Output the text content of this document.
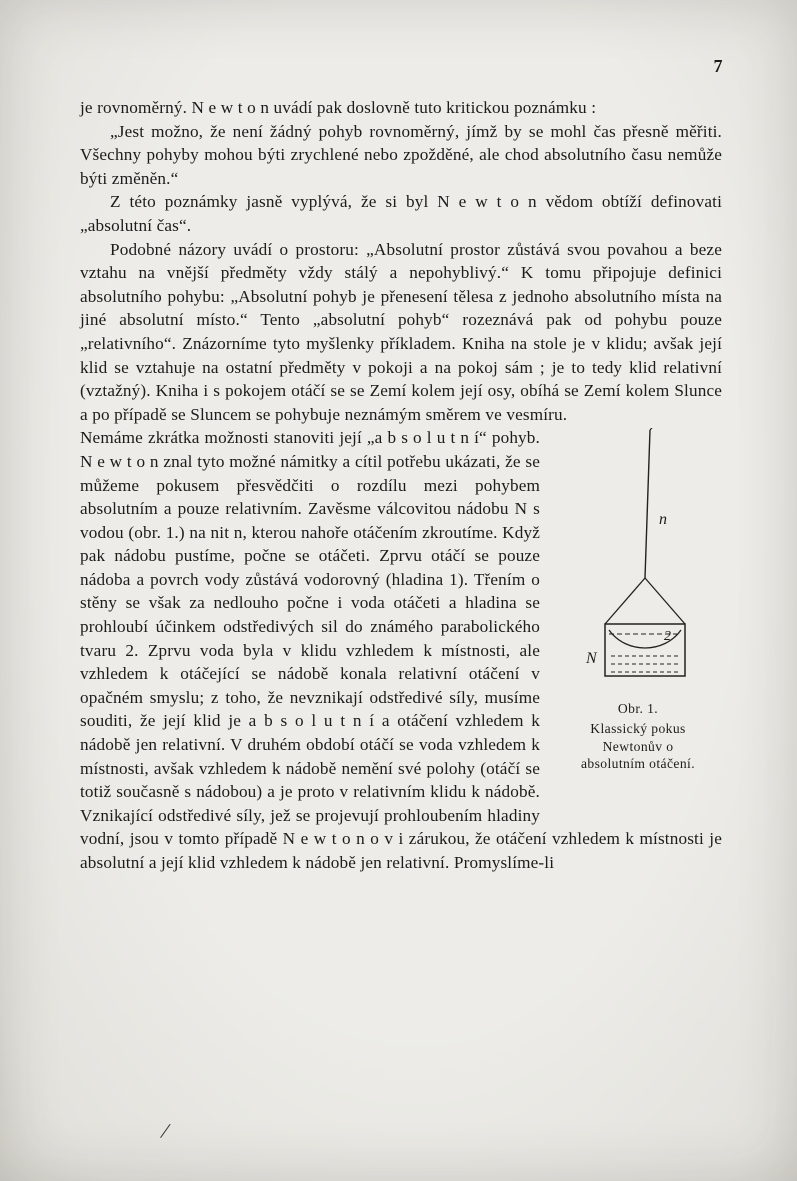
7

je rovnoměrný. N e w t o n uvádí pak doslovně tuto kritickou poznámku :

„Jest možno, že není žádný pohyb rovnoměrný, jímž by se mohl čas přesně měřiti. Všechny pohyby mohou býti zrychlené nebo zpožděné, ale chod absolutního času nemůže býti změněn.“

Z této poznámky jasně vyplývá, že si byl N e w t o n vědom obtíží definovati „absolutní čas“.

Podobné názory uvádí o prostoru: „Absolutní prostor zůstává svou povahou a beze vztahu na vnější předměty vždy stálý a nepohyblivý.“ K tomu připojuje definici absolutního pohybu: „Absolutní pohyb je přenesení tělesa z jednoho absolutního místa na jiné absolutní místo.“ Tento „absolutní pohyb“ rozeznává pak od pohybu pouze „relativního“. Znázorníme tyto myšlenky příkladem. Kniha na stole je v klidu; avšak její klid se vztahuje na ostatní předměty v pokoji a na pokoj sám ; je to tedy klid relativní (vztažný). Kniha i s pokojem otáčí se se Zemí kolem její osy, obíhá se Zemí kolem Slunce a po případě se Sluncem se pohybuje neznámým směrem ve vesmíru.

n
N
2
Obr. 1.
Klassický pokus Newtonův o absolutním otáčení.

Nemáme zkrátka možnosti stanoviti její „a b s o l u t n í“ pohyb. N e w t o n znal tyto možné námitky a cítil potřebu ukázati, že se můžeme pokusem přesvědčiti o rozdílu mezi pohybem absolutním a pouze relativním. Zavěsme válcovitou nádobu N s vodou (obr. 1.) na nit n, kterou nahoře otáčením zkroutíme. Když pak nádobu pustíme, počne se otáčeti. Zprvu otáčí se pouze nádoba a povrch vody zůstává vodorovný (hladina 1). Třením o stěny se však za nedlouho počne i voda otáčeti a hladina se prohloubí účinkem odstředivých sil do známého parabolického tvaru 2. Zprvu voda byla v klidu vzhledem k místnosti, ale vzhledem k otáčející se nádobě konala relativní otáčení v opačném smyslu; z toho, že nevznikají odstředivé síly, musíme souditi, že její klid je a b s o l u t n í a otáčení vzhledem k nádobě jen relativní. V druhém období otáčí se voda vzhledem k místnosti, avšak vzhledem k nádobě nemění své polohy (otáčí se totiž současně s nádobou) a je proto v relativním klidu k nádobě. Vznikající odstředivé síly, jež se projevují prohloubením hladiny vodní, jsou v tomto případě N e w t o n o v i zárukou, že otáčení vzhledem k místnosti je absolutní a její klid vzhledem k nádobě jen relativní. Promyslíme-li

/
